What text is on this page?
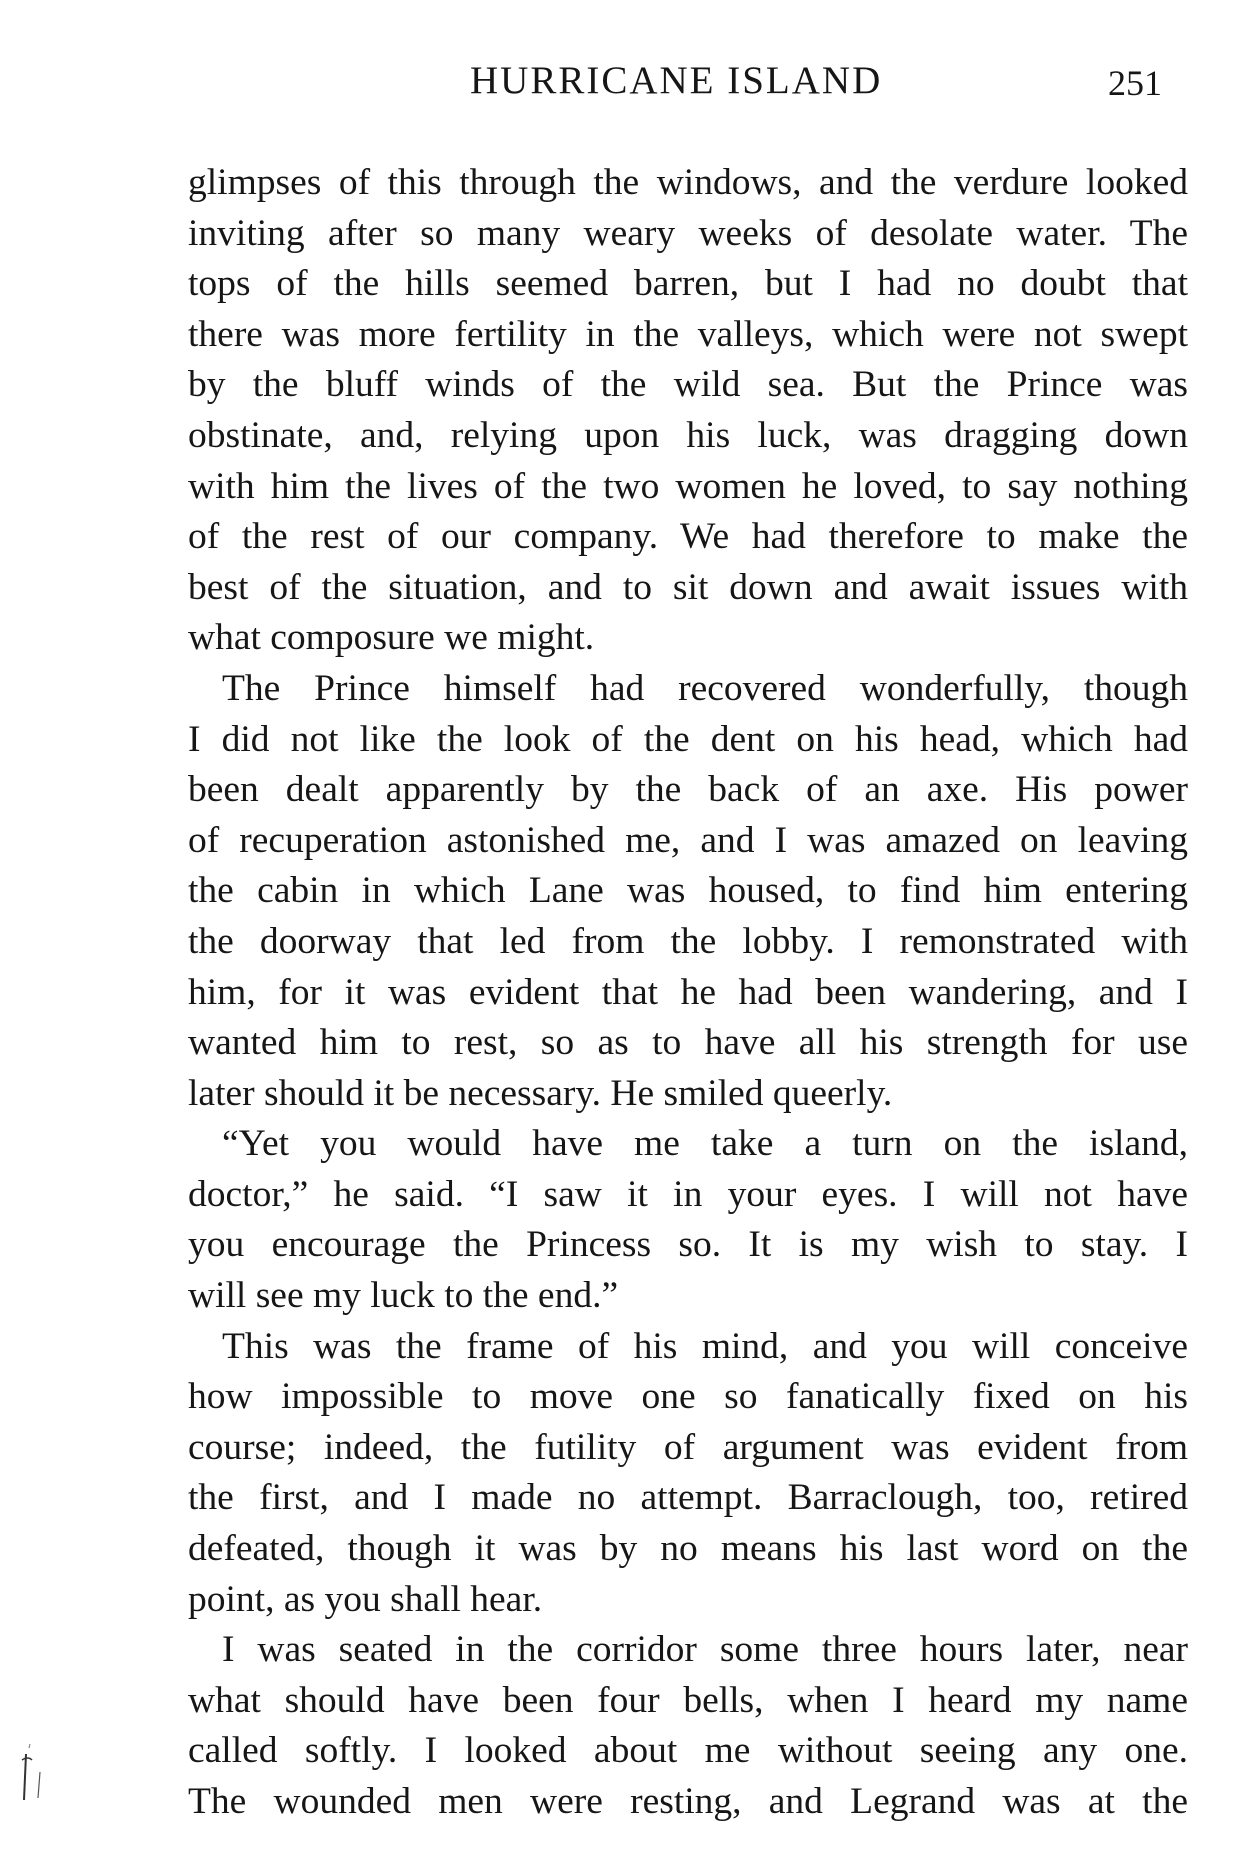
HURRICANE ISLAND	251
glimpses of this through the windows, and the verdure looked
inviting after so many weary weeks of desolate water. The
tops of the hills seemed barren, but I had no doubt that
there was more fertility in the valleys, which were not swept
by the bluff winds of the wild sea. But the Prince was
obstinate, and, relying upon his luck, was dragging down
with him the lives of the two women he loved, to say nothing
of the rest of our company. We had therefore to make the
best of the situation, and to sit down and await issues with
what composure we might.
The Prince himself had recovered wonderfully, though
I did not like the look of the dent on his head, which had
been dealt apparently by the back of an axe. His power
of recuperation astonished me, and I was amazed on leaving
the cabin in which Lane was housed, to find him entering
the doorway that led from the lobby. I remonstrated with
him, for it was evident that he had been wandering, and I
wanted him to rest, so as to have all his strength for use
later should it be necessary. He smiled queerly.
“Yet you would have me take a turn on the island,
doctor,” he said. “I saw it in your eyes. I will not have
you encourage the Princess so. It is my wish to stay. I
will see my luck to the end.”
This was the frame of his mind, and you will conceive
how impossible to move one so fanatically fixed on his
course; indeed, the futility of argument was evident from
the first, and I made no attempt. Barraclough, too, retired
defeated, though it was by no means his last word on the
point, as you shall hear.
I was seated in the corridor some three hours later, near
what should have been four bells, when I heard my name
called softly. I looked about me without seeing any one.
The wounded men were resting, and Legrand was at the
